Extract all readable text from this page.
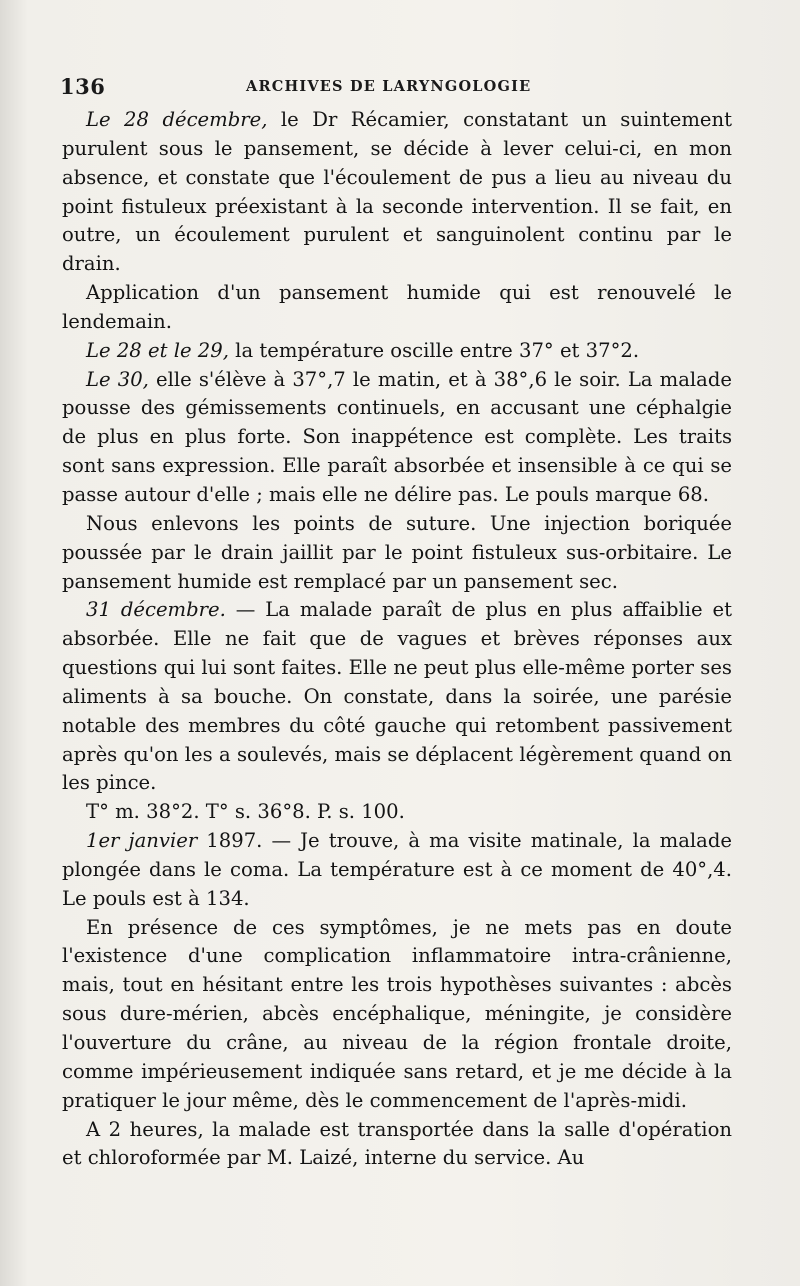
136	ARCHIVES DE LARYNGOLOGIE

Le 28 décembre, le Dr Récamier, constatant un suintement purulent sous le pansement, se décide à lever celui-ci, en mon absence, et constate que l'écoulement de pus a lieu au niveau du point fistuleux préexistant à la seconde intervention. Il se fait, en outre, un écoulement purulent et sanguinolent continu par le drain.

Application d'un pansement humide qui est renouvelé le lendemain.

Le 28 et le 29, la température oscille entre 37° et 37°2.

Le 30, elle s'élève à 37°,7 le matin, et à 38°,6 le soir. La malade pousse des gémissements continuels, en accusant une céphalgie de plus en plus forte. Son inappétence est complète. Les traits sont sans expression. Elle paraît absorbée et insensible à ce qui se passe autour d'elle ; mais elle ne délire pas. Le pouls marque 68.

Nous enlevons les points de suture. Une injection boriquée poussée par le drain jaillit par le point fistuleux sus-orbitaire. Le pansement humide est remplacé par un pansement sec.

31 décembre. — La malade paraît de plus en plus affaiblie et absorbée. Elle ne fait que de vagues et brèves réponses aux questions qui lui sont faites. Elle ne peut plus elle-même porter ses aliments à sa bouche. On constate, dans la soirée, une parésie notable des membres du côté gauche qui retombent passivement après qu'on les a soulevés, mais se déplacent légèrement quand on les pince.

T° m. 38°2. T° s. 36°8. P. s. 100.

1er janvier 1897. — Je trouve, à ma visite matinale, la malade plongée dans le coma. La température est à ce moment de 40°,4. Le pouls est à 134.

En présence de ces symptômes, je ne mets pas en doute l'existence d'une complication inflammatoire intra-crânienne, mais, tout en hésitant entre les trois hypothèses suivantes : abcès sous dure-mérien, abcès encéphalique, méningite, je considère l'ouverture du crâne, au niveau de la région frontale droite, comme impérieusement indiquée sans retard, et je me décide à la pratiquer le jour même, dès le commencement de l'après-midi.

A 2 heures, la malade est transportée dans la salle d'opération et chloroformée par M. Laizé, interne du service. Au
